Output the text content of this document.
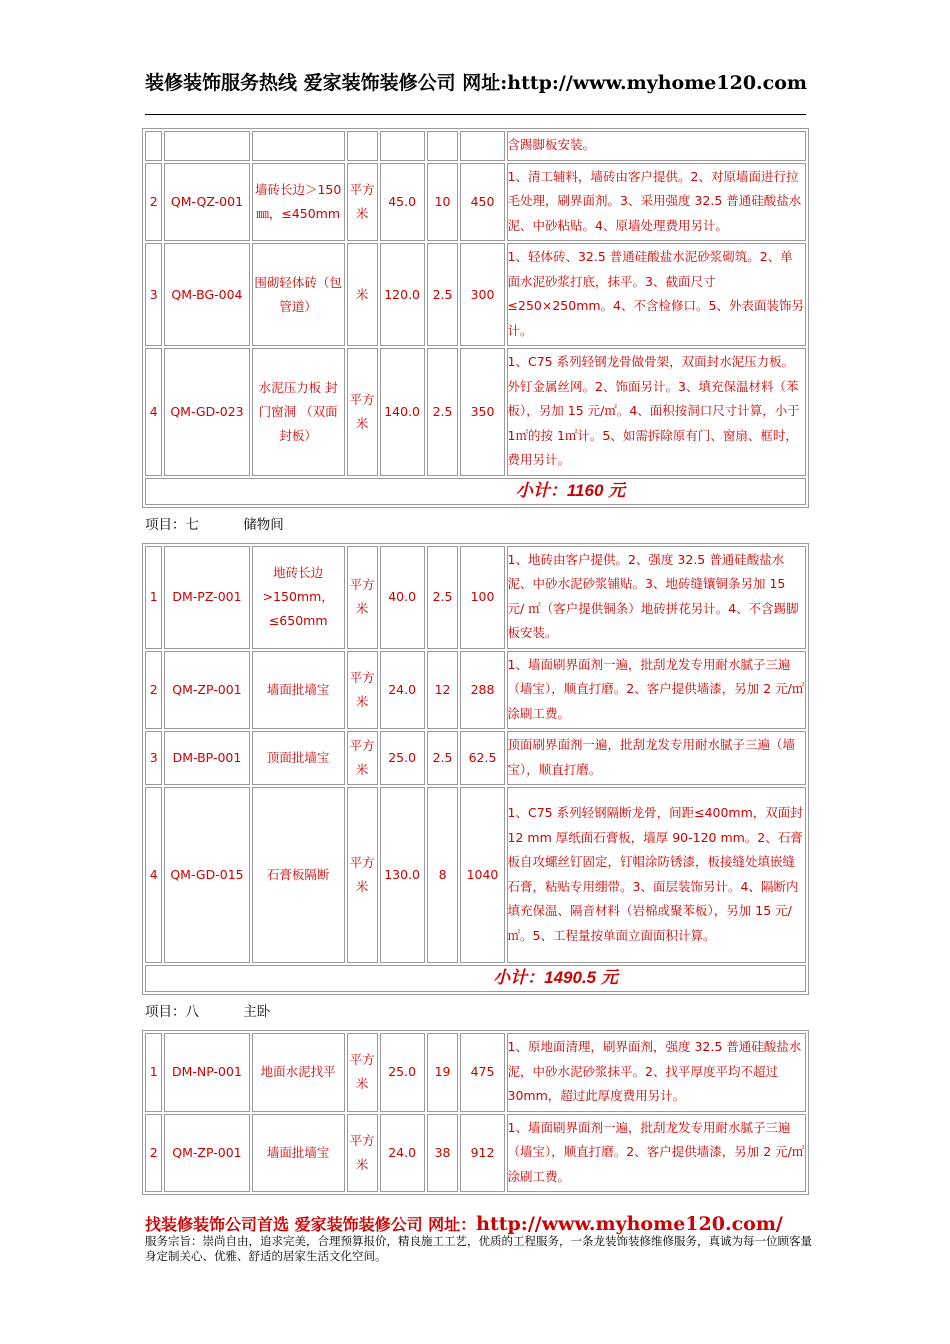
装修装饰服务热线 爱家装饰装修公司 网址:http://www.myhome120.com
							含踢脚板安装。
2	QM-QZ-001	墙砖长边＞150㎜，≤450mm	平方米	45.0	10	450	1、清工辅料，墙砖由客户提供。2、对原墙面进行拉毛处理，刷界面剂。3、采用强度 32.5 普通硅酸盐水泥、中砂粘贴。4、原墙处理费用另计。
3	QM-BG-004	围砌轻体砖（包管道）	米	120.0	2.5	300	1、轻体砖、32.5 普通硅酸盐水泥砂浆砌筑。2、单面水泥砂浆打底，抹平。3、截面尺寸≤250×250mm。4、不含检修口。5、外表面装饰另计。
4	QM-GD-023	水泥压力板 封门窗洞 （双面封板）	平方米	140.0	2.5	350	1、C75 系列轻钢龙骨做骨架，双面封水泥压力板。外钉金属丝网。2、饰面另计。3、填充保温材料（苯板），另加 15 元/㎡。4、面积按洞口尺寸计算，小于 1㎡的按 1㎡计。5、如需拆除原有门、窗扇、框时，费用另计。
小计：1160 元							
项目：七	储物间
1	DM-PZ-001	地砖长边>150mm，≤650mm	平方米	40.0	2.5	100	1、地砖由客户提供。2、强度 32.5 普通硅酸盐水泥、中砂水泥砂浆铺贴。3、地砖缝镶铜条另加 15 元/ ㎡（客户提供铜条）地砖拼花另计。4、不含踢脚板安装。
2	QM-ZP-001	墙面批墙宝	平方米	24.0	12	288	1、墙面刷界面剂一遍，批刮龙发专用耐水腻子三遍（墙宝），顺直打磨。2、客户提供墙漆，另加 2 元/㎡涂刷工费。
3	DM-BP-001	顶面批墙宝	平方米	25.0	2.5	62.5	顶面刷界面剂一遍，批刮龙发专用耐水腻子三遍（墙宝），顺直打磨。
4	QM-GD-015	石膏板隔断	平方米	130.0	8	1040	1、C75 系列轻钢隔断龙骨，间距≤400mm，双面封 12 mm 厚纸面石膏板，墙厚 90-120 mm。2、石膏板自攻螺丝钉固定，钉帽涂防锈漆，板接缝处填嵌缝石膏，粘贴专用绷带。3、面层装饰另计。4、隔断内填充保温、隔音材料（岩棉或聚苯板），另加 15 元/㎡。5、工程量按单面立面面积计算。
小计：1490.5 元							
项目：八	主卧
1	DM-NP-001	地面水泥找平	平方米	25.0	19	475	1、原地面清理，刷界面剂，强度 32.5 普通硅酸盐水泥，中砂水泥砂浆抹平。2、找平厚度平均不超过 30mm，超过此厚度费用另计。
2	QM-ZP-001	墙面批墙宝	平方米	24.0	38	912	1、墙面刷界面剂一遍，批刮龙发专用耐水腻子三遍（墙宝），顺直打磨。2、客户提供墙漆，另加 2 元/㎡涂刷工费。
找装修装饰公司首选 爱家装饰装修公司 网址：http://www.myhome120.com/
服务宗旨：崇尚自由，追求完美，合理预算报价，精良施工工艺，优质的工程服务，一条龙装饰装修维修服务，真诚为每一位顾客量身定制关心、优雅、舒适的居家生活文化空间。
